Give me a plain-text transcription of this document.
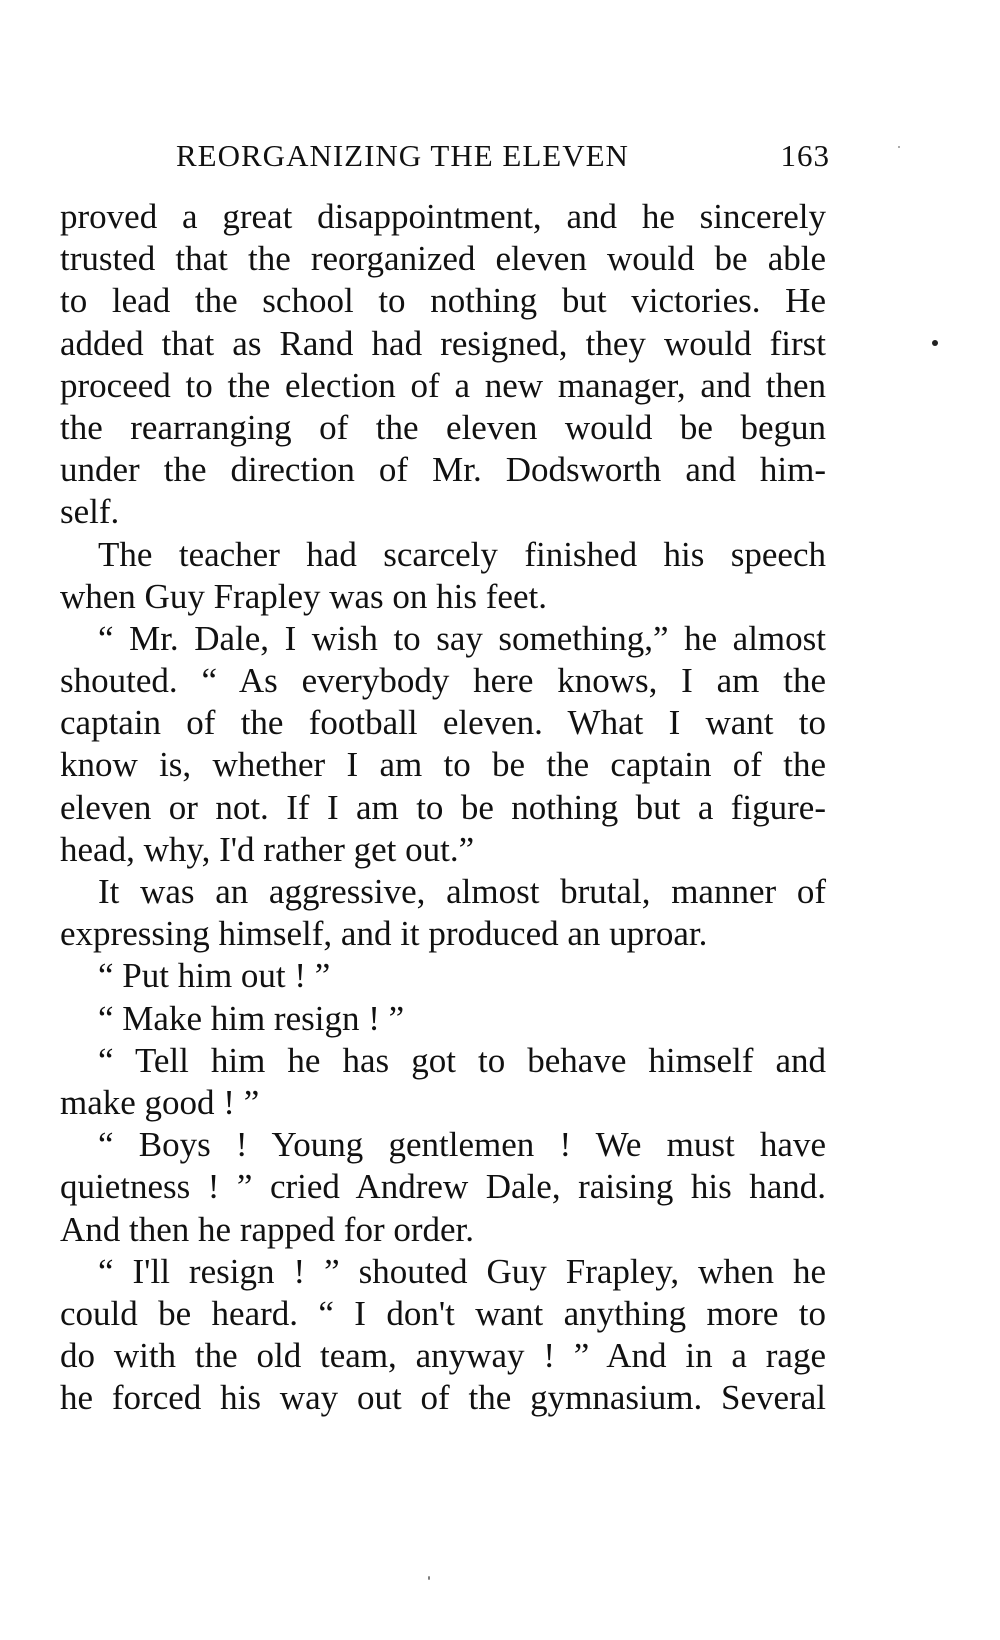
REORGANIZING THE ELEVEN	163
proved a great disappointment, and he sincerely
trusted that the reorganized eleven would be able
to lead the school to nothing but victories. He
added that as Rand had resigned, they would first
proceed to the election of a new manager, and then
the rearranging of the eleven would be begun
under the direction of Mr. Dodsworth and him-
self.
The teacher had scarcely finished his speech
when Guy Frapley was on his feet.
“ Mr. Dale, I wish to say something,” he almost
shouted. “ As everybody here knows, I am the
captain of the football eleven. What I want to
know is, whether I am to be the captain of the
eleven or not. If I am to be nothing but a figure-
head, why, I'd rather get out.”
It was an aggressive, almost brutal, manner of
expressing himself, and it produced an uproar.
“ Put him out ! ”
“ Make him resign ! ”
“ Tell him he has got to behave himself and
make good ! ”
“ Boys ! Young gentlemen ! We must have
quietness ! ” cried Andrew Dale, raising his hand.
And then he rapped for order.
“ I'll resign ! ” shouted Guy Frapley, when he
could be heard. “ I don't want anything more to
do with the old team, anyway ! ” And in a rage
he forced his way out of the gymnasium. Several
